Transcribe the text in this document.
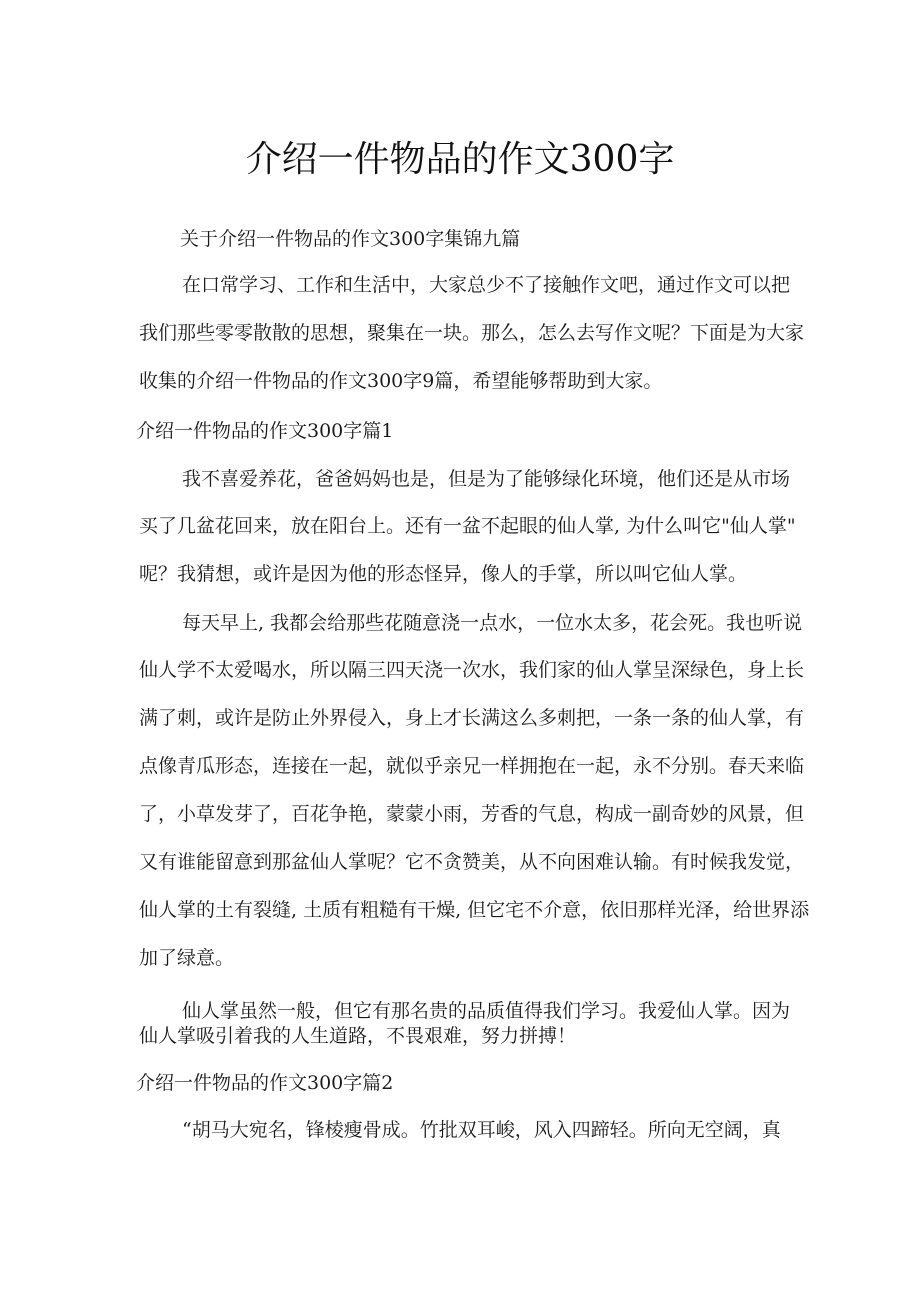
介绍一件物品的作文300字
关于介绍一件物品的作文300字集锦九篇
在口常学习、工作和生活中，大家总少不了接触作文吧，通过作文可以把
我们那些零零散散的思想，聚集在一块。那么，怎么去写作文呢？下面是为大家
收集的介绍一件物品的作文300字9篇，希望能够帮助到大家。
介绍一件物品的作文300字篇1
我不喜爱养花，爸爸妈妈也是，但是为了能够绿化环境，他们还是从市场
买了几盆花回来，放在阳台上。还有一盆不起眼的仙人掌, 为什么叫它"仙人掌"
呢？我猜想，或许是因为他的形态怪异，像人的手掌，所以叫它仙人掌。
每天早上, 我都会给那些花随意浇一点水，一位水太多，花会死。我也听说
仙人学不太爱喝水，所以隔三四天浇一次水，我们家的仙人掌呈深绿色，身上长
满了刺，或许是防止外界侵入，身上才长满这么多刺把，一条一条的仙人掌，有
点像青瓜形态，连接在一起，就似乎亲兄一样拥抱在一起，永不分别。春天来临
了，小草发芽了，百花争艳，蒙蒙小雨，芳香的气息，构成一副奇妙的风景，但
又有谁能留意到那盆仙人掌呢？它不贪赞美，从不向困难认输。有时候我发觉，
仙人掌的土有裂缝, 土质有粗糙有干燥, 但它宅不介意，依旧那样光泽，给世界添
加了绿意。
仙人掌虽然一般，但它有那名贵的品质值得我们学习。我爱仙人掌。因为
仙人掌吸引着我的人生道路，不畏艰难，努力拼搏！
介绍一件物品的作文300字篇2
“胡马大宛名，锋棱瘦骨成。竹批双耳峻，风入四蹄轻。所向无空阔，真
